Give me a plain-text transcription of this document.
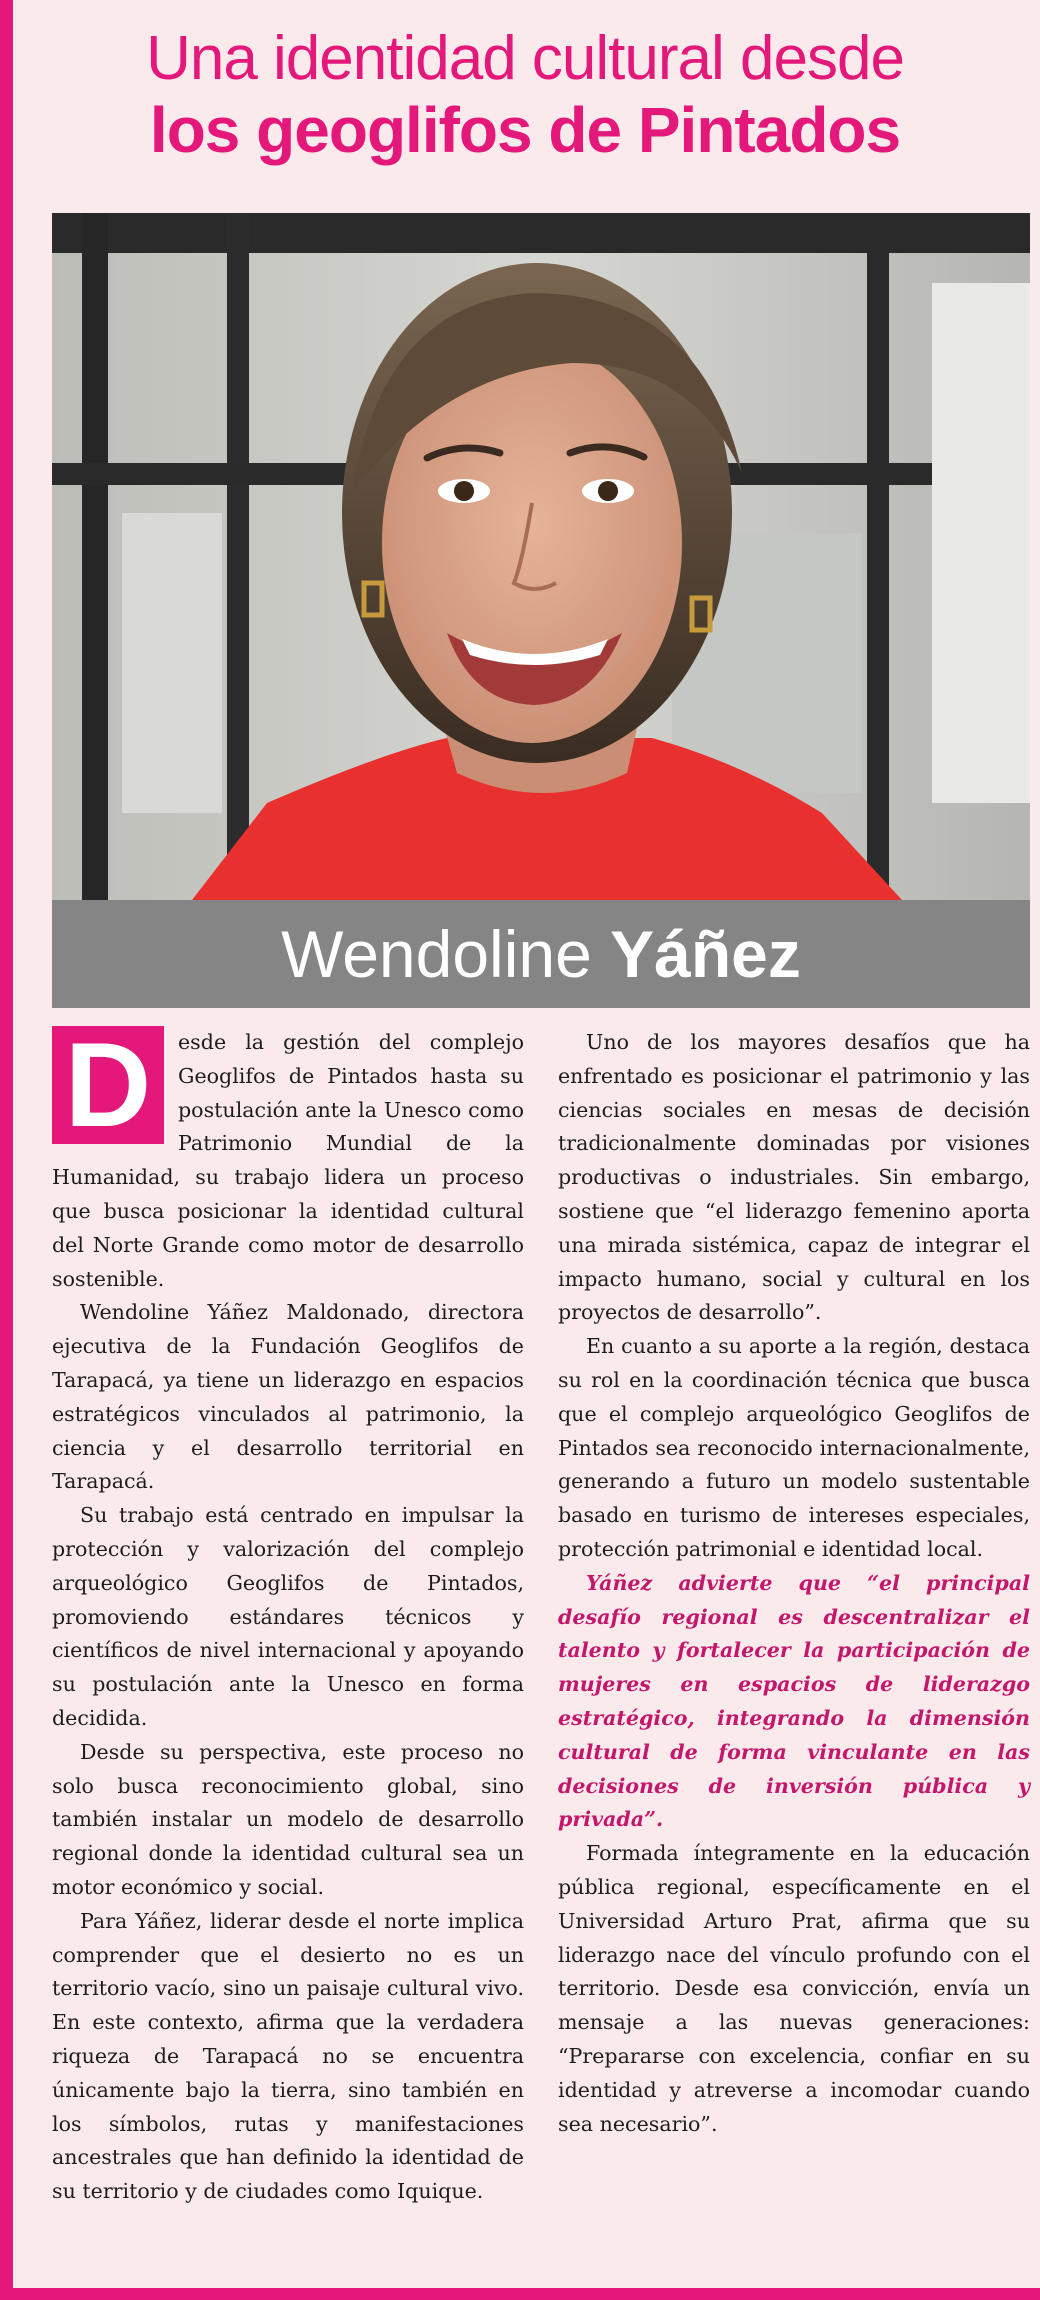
Una identidad cultural desde
los geoglifos de Pintados
Wendoline Yáñez

D	esde la gestión del complejo Geoglifos de Pintados hasta su postulación ante la Unesco como Patrimonio Mundial de la Humanidad, su trabajo lidera un proceso que busca posicionar la identidad cultural del Norte Grande como motor de desarrollo sostenible.

Wendoline Yáñez Maldonado, directora ejecutiva de la Fundación Geoglifos de Tarapacá, ya tiene un liderazgo en espacios estratégicos vinculados al patrimonio, la ciencia y el desarrollo territorial en Tarapacá.

Su trabajo está centrado en impulsar la protección y valorización del complejo arqueológico Geoglifos de Pintados, promoviendo estándares técnicos y científicos de nivel internacional y apoyando su postulación ante la Unesco en forma decidida.

Desde su perspectiva, este proceso no solo busca reconocimiento global, sino también instalar un modelo de desarrollo regional donde la identidad cultural sea un motor económico y social.

Para Yáñez, liderar desde el norte implica comprender que el desierto no es un territorio vacío, sino un paisaje cultural vivo. En este contexto, afirma que la verdadera riqueza de Tarapacá no se encuentra únicamente bajo la tierra, sino también en los símbolos, rutas y manifestaciones ancestrales que han definido la identidad de su territorio y de ciudades como Iquique.

Uno de los mayores desafíos que ha enfrentado es posicionar el patrimonio y las ciencias sociales en mesas de decisión tradicionalmente dominadas por visiones productivas o industriales. Sin embargo, sostiene que “el liderazgo femenino aporta una mirada sistémica, capaz de integrar el impacto humano, social y cultural en los proyectos de desarrollo”.

En cuanto a su aporte a la región, destaca su rol en la coordinación técnica que busca que el complejo arqueológico Geoglifos de Pintados sea reconocido internacionalmente, generando a futuro un modelo sustentable basado en turismo de intereses especiales, protección patrimonial e identidad local.

Yáñez advierte que “el principal desafío regional es descentralizar el talento y fortalecer la participación de mujeres en espacios de liderazgo estratégico, integrando la dimensión cultural de forma vinculante en las decisiones de inversión pública y privada”.

Formada íntegramente en la educación pública regional, específicamente en el Universidad Arturo Prat, afirma que su liderazgo nace del vínculo profundo con el territorio. Desde esa convicción, envía un mensaje a las nuevas generaciones: “Prepararse con excelencia, confiar en su identidad y atreverse a incomodar cuando sea necesario”.
